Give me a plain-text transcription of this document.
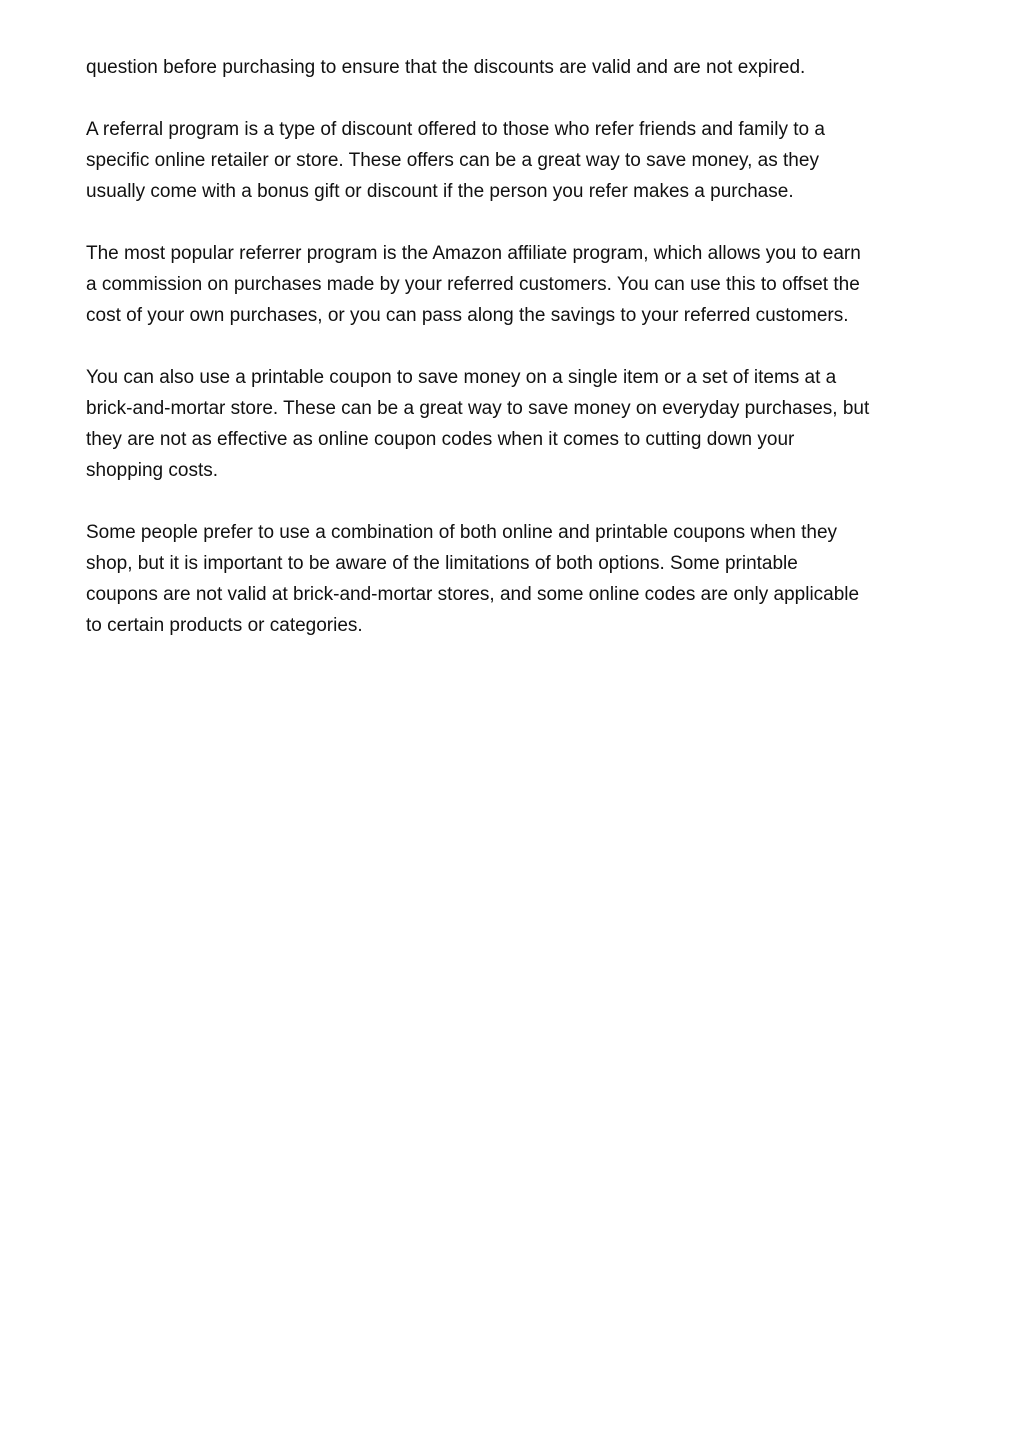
question before purchasing to ensure that the discounts are valid and are not expired.

A referral program is a type of discount offered to those who refer friends and family to a
specific online retailer or store. These offers can be a great way to save money, as they
usually come with a bonus gift or discount if the person you refer makes a purchase.

The most popular referrer program is the Amazon affiliate program, which allows you to earn
a commission on purchases made by your referred customers. You can use this to offset the
cost of your own purchases, or you can pass along the savings to your referred customers.

You can also use a printable coupon to save money on a single item or a set of items at a
brick-and-mortar store. These can be a great way to save money on everyday purchases, but
they are not as effective as online coupon codes when it comes to cutting down your
shopping costs.

Some people prefer to use a combination of both online and printable coupons when they
shop, but it is important to be aware of the limitations of both options. Some printable
coupons are not valid at brick-and-mortar stores, and some online codes are only applicable
to certain products or categories.
